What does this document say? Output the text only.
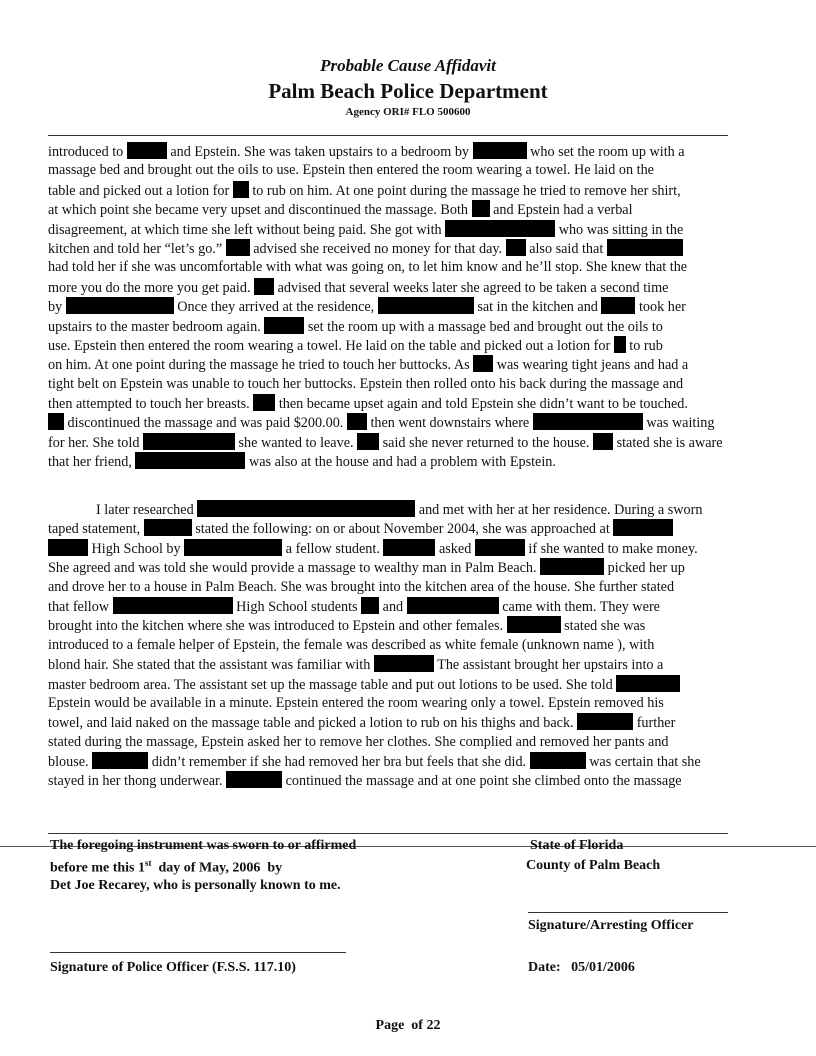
Probable Cause Affidavit
Palm Beach Police Department
Agency ORI# FLO 500600
introduced to	and Epstein. She was taken upstairs to a bedroom by	who set the room up with a
massage bed and brought out the oils to use. Epstein then entered the room wearing a towel. He laid on the
table and picked out a lotion for  to rub on him. At one point during the massage he tried to remove her shirt,
at which point she became very upset and discontinued the massage. Both  and Epstein had a verbal
disagreement, at which time she left without being paid. She got with	who was sitting in the
kitchen and told her “let’s go.”  advised she received no money for that day.  also said that
had told her if she was uncomfortable with what was going on, to let him know and he’ll stop. She knew that the
more you do the more you get paid.  advised that several weeks later she agreed to be taken a second time
by	Once they arrived at the residence,	sat in the kitchen and  took her
upstairs to the master bedroom again.	set the room up with a massage bed and brought out the oils to
use. Epstein then entered the room wearing a towel. He laid on the table and picked out a lotion for  to rub
on him. At one point during the massage he tried to touch her buttocks. As  was wearing tight jeans and had a
tight belt on Epstein was unable to touch her buttocks. Epstein then rolled onto his back during the massage and
then attempted to touch her breasts.  then became upset again and told Epstein she didn’t want to be touched.
discontinued the massage and was paid $200.00.  then went downstairs where	was waiting
for her. She told	she wanted to leave.  said she never returned to the house.  stated she is aware
that her friend,	was also at the house and had a problem with Epstein.
I later researched	and met with her at her residence. During a sworn
taped statement,	stated the following: on or about November 2004, she was approached at
High School by	a fellow student.	asked	if she wanted to make money.
She agreed and was told she would provide a massage to wealthy man in Palm Beach.	picked her up
and drove her to a house in Palm Beach. She was brought into the kitchen area of the house. She further stated
that fellow	High School students  and	came with them. They were
brought into the kitchen where she was introduced to Epstein and other females.	stated she was
introduced to a female helper of Epstein, the female was described as white female (unknown name ), with
blond hair. She stated that the assistant was familiar with	The assistant brought her upstairs into a
master bedroom area. The assistant set up the massage table and put out lotions to be used. She told
Epstein would be available in a minute. Epstein entered the room wearing only a towel. Epstein removed his
towel, and laid naked on the massage table and picked a lotion to rub on his thighs and back.	further
stated during the massage, Epstein asked her to remove her clothes. She complied and removed her pants and
blouse.	didn’t remember if she had removed her bra but feels that she did.	was certain that she
stayed in her thong underwear.	continued the massage and at one point she climbed onto the massage
The foregoing instrument was sworn to or affirmed
before me this 1st  day of May, 2006  by
Det Joe Recarey, who is personally known to me.
State of Florida
County of Palm Beach
Signature/Arresting Officer
Signature of Police Officer (F.S.S. 117.10)	Date: 05/01/2006
Page of 22
